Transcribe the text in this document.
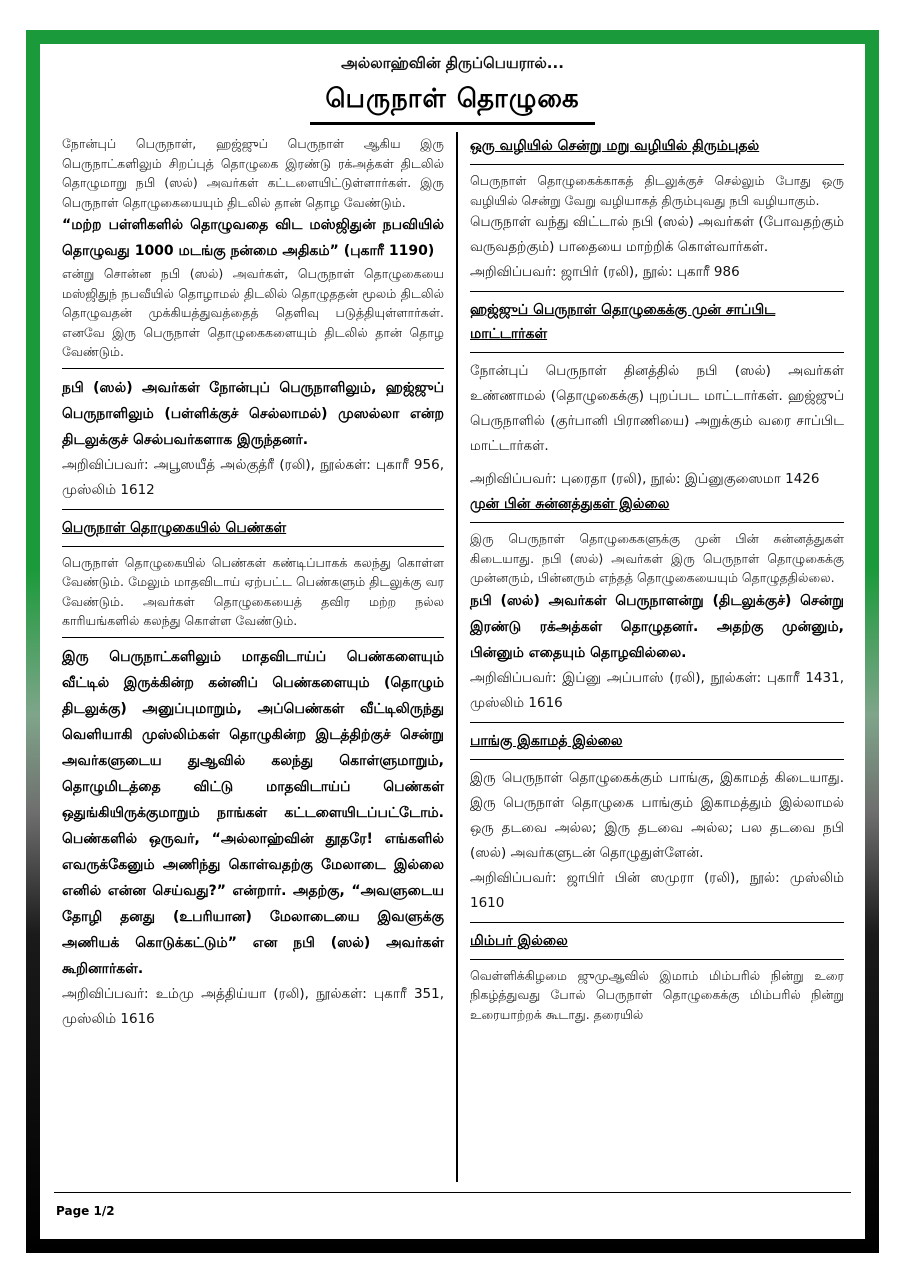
அல்லாஹ்வின் திருப்பெயரால்...
பெருநாள் தொழுகை

நோன்புப் பெருநாள், ஹஜ்ஜுப் பெருநாள் ஆகிய இரு பெருநாட்களிலும் சிறப்புத் தொழுகை இரண்டு ரக்அத்கள் திடலில் தொழுமாறு நபி (ஸல்) அவர்கள் கட்டளையிட்டுள்ளார்கள். இரு பெருநாள் தொழுகையையும் திடலில் தான் தொழ வேண்டும்.

“மற்ற பள்ளிகளில் தொழுவதை விட மஸ்ஜிதுன் நபவியில் தொழுவது 1000 மடங்கு நன்மை அதிகம்” (புகாரீ 1190)

என்று சொன்ன நபி (ஸல்) அவர்கள், பெருநாள் தொழுகையை மஸ்ஜிதுந் நபவீயில் தொழாமல் திடலில் தொழுததன் மூலம் திடலில் தொழுவதன் முக்கியத்துவத்தைத் தெளிவு படுத்தியுள்ளார்கள். எனவே இரு பெருநாள் தொழுகைகளையும் திடலில் தான் தொழ வேண்டும்.

நபி (ஸல்) அவர்கள் நோன்புப் பெருநாளிலும், ஹஜ்ஜுப் பெருநாளிலும் (பள்ளிக்குச் செல்லாமல்) முஸல்லா என்ற திடலுக்குச் செல்பவர்களாக இருந்தனர்.

அறிவிப்பவர்: அபூஸயீத் அல்குத்ரீ (ரலி), நூல்கள்: புகாரீ 956, முஸ்லிம் 1612

பெருநாள் தொழுகையில் பெண்கள்

பெருநாள் தொழுகையில் பெண்கள் கண்டிப்பாகக் கலந்து கொள்ள வேண்டும். மேலும் மாதவிடாய் ஏற்பட்ட பெண்களும் திடலுக்கு வர வேண்டும். அவர்கள் தொழுகையைத் தவிர மற்ற நல்ல காரியங்களில் கலந்து கொள்ள வேண்டும்.

இரு பெருநாட்களிலும் மாதவிடாய்ப் பெண்களையும் வீட்டில் இருக்கின்ற கன்னிப் பெண்களையும் (தொழும் திடலுக்கு) அனுப்புமாறும், அப்பெண்கள் வீட்டிலிருந்து வெளியாகி முஸ்லிம்கள் தொழுகின்ற இடத்திற்குச் சென்று அவர்களுடைய துஆவில் கலந்து கொள்ளுமாறும், தொழுமிடத்தை விட்டு மாதவிடாய்ப் பெண்கள் ஒதுங்கியிருக்குமாறும் நாங்கள் கட்டளையிடப்பட்டோம். பெண்களில் ஒருவர், “அல்லாஹ்வின் தூதரே! எங்களில் எவருக்கேனும் அணிந்து கொள்வதற்கு மேலாடை இல்லை எனில் என்ன செய்வது?” என்றார். அதற்கு, “அவளுடைய தோழி தனது (உபரியான) மேலாடையை இவளுக்கு அணியக் கொடுக்கட்டும்” என நபி (ஸல்) அவர்கள் கூறினார்கள்.

அறிவிப்பவர்: உம்மு அத்திய்யா (ரலி), நூல்கள்: புகாரீ 351, முஸ்லிம் 1616

ஒரு வழியில் சென்று மறு வழியில் திரும்புதல்

பெருநாள் தொழுகைக்காகத் திடலுக்குச் செல்லும் போது ஒரு வழியில் சென்று வேறு வழியாகத் திரும்புவது நபி வழியாகும்.

பெருநாள் வந்து விட்டால் நபி (ஸல்) அவர்கள் (போவதற்கும் வருவதற்கும்) பாதையை மாற்றிக் கொள்வார்கள்.

அறிவிப்பவர்: ஜாபிர் (ரலி), நூல்: புகாரீ 986

ஹஜ்ஜுப் பெருநாள் தொழுகைக்கு முன் சாப்பிட மாட்டார்கள்

நோன்புப் பெருநாள் தினத்தில் நபி (ஸல்) அவர்கள் உண்ணாமல் (தொழுகைக்கு) புறப்பட மாட்டார்கள். ஹஜ்ஜுப் பெருநாளில் (குர்பானி பிராணியை) அறுக்கும் வரை சாப்பிட மாட்டார்கள்.

அறிவிப்பவர்: புரைதா (ரலி), நூல்: இப்னுகுஸைமா 1426

முன் பின் சுன்னத்துகள் இல்லை

இரு பெருநாள் தொழுகைகளுக்கு முன் பின் சுன்னத்துகள் கிடையாது. நபி (ஸல்) அவர்கள் இரு பெருநாள் தொழுகைக்கு முன்னரும், பின்னரும் எந்தத் தொழுகையையும் தொழுததில்லை.

நபி (ஸல்) அவர்கள் பெருநாளன்று (திடலுக்குச்) சென்று இரண்டு ரக்அத்கள் தொழுதனர். அதற்கு முன்னும், பின்னும் எதையும் தொழவில்லை.

அறிவிப்பவர்: இப்னு அப்பாஸ் (ரலி), நூல்கள்: புகாரீ 1431, முஸ்லிம் 1616

பாங்கு இகாமத் இல்லை

இரு பெருநாள் தொழுகைக்கும் பாங்கு, இகாமத் கிடையாது. இரு பெருநாள் தொழுகை பாங்கும் இகாமத்தும் இல்லாமல் ஒரு தடவை அல்ல; இரு தடவை அல்ல; பல தடவை நபி (ஸல்) அவர்களுடன் தொழுதுள்ளேன்.

அறிவிப்பவர்: ஜாபிர் பின் ஸமுரா (ரலி), நூல்: முஸ்லிம் 1610

மிம்பர் இல்லை

வெள்ளிக்கிழமை ஜுமுஆவில் இமாம் மிம்பரில் நின்று உரை நிகழ்த்துவது போல் பெருநாள் தொழுகைக்கு மிம்பரில் நின்று உரையாற்றக் கூடாது. தரையில்

Page 1/2
